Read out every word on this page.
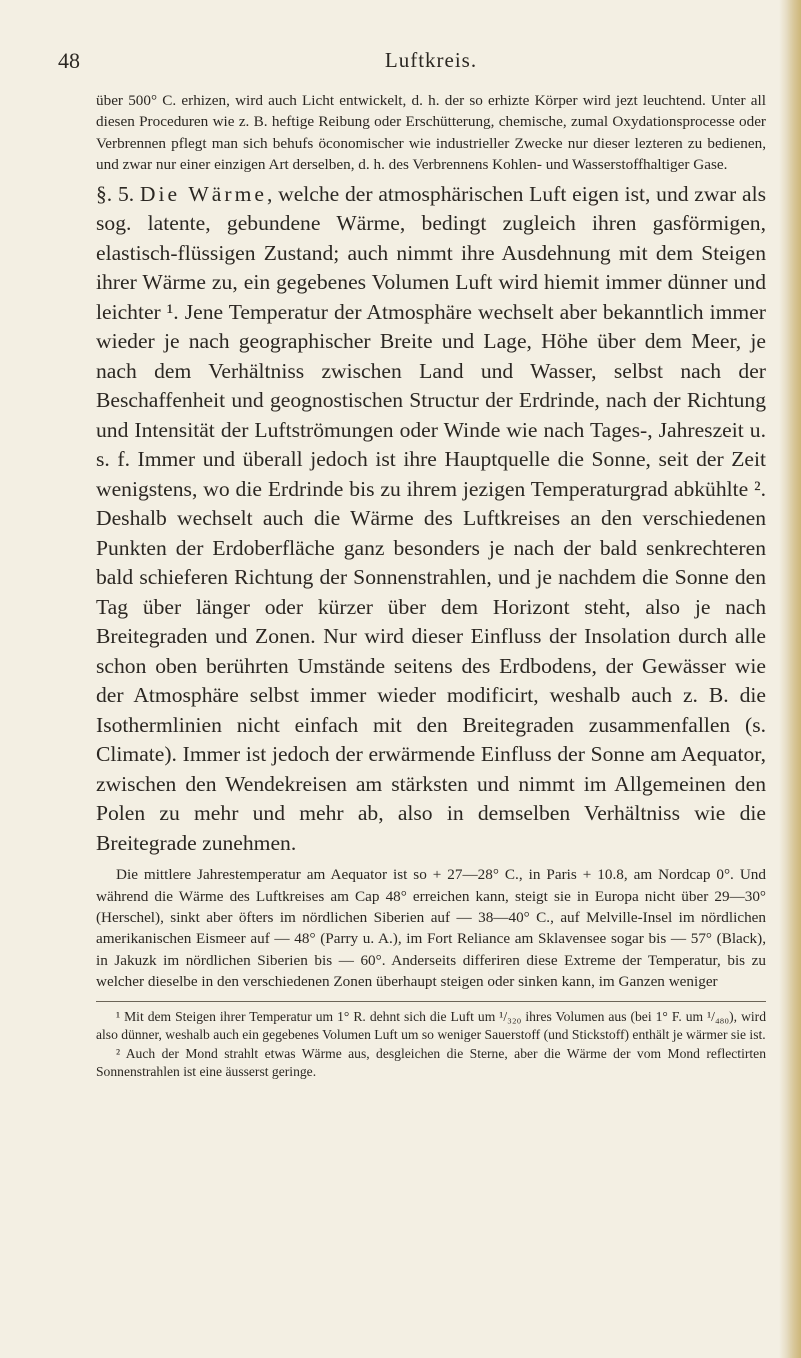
48	Luftkreis.

über 500° C. erhizen, wird auch Licht entwickelt, d. h. der so erhizte Körper wird jezt leuchtend. Unter all diesen Proceduren wie z. B. heftige Reibung oder Erschütterung, chemische, zumal Oxydationsprocesse oder Verbrennen pflegt man sich behufs öconomischer wie industrieller Zwecke nur dieser lezteren zu bedienen, und zwar nur einer einzigen Art derselben, d. h. des Verbrennens Kohlen- und Wasserstoffhaltiger Gase.

§. 5. Die Wärme, welche der atmosphärischen Luft eigen ist, und zwar als sog. latente, gebundene Wärme, bedingt zugleich ihren gasförmigen, elastisch-flüssigen Zustand; auch nimmt ihre Ausdehnung mit dem Steigen ihrer Wärme zu, ein gegebenes Volumen Luft wird hiemit immer dünner und leichter ¹. Jene Temperatur der Atmosphäre wechselt aber bekanntlich immer wieder je nach geographischer Breite und Lage, Höhe über dem Meer, je nach dem Verhältniss zwischen Land und Wasser, selbst nach der Beschaffenheit und geognostischen Structur der Erdrinde, nach der Richtung und Intensität der Luftströmungen oder Winde wie nach Tages-, Jahreszeit u. s. f. Immer und überall jedoch ist ihre Hauptquelle die Sonne, seit der Zeit wenigstens, wo die Erdrinde bis zu ihrem jezigen Temperaturgrad abkühlte ². Deshalb wechselt auch die Wärme des Luftkreises an den verschiedenen Punkten der Erdoberfläche ganz besonders je nach der bald senkrechteren bald schieferen Richtung der Sonnenstrahlen, und je nachdem die Sonne den Tag über länger oder kürzer über dem Horizont steht, also je nach Breitegraden und Zonen. Nur wird dieser Einfluss der Insolation durch alle schon oben berührten Umstände seitens des Erdbodens, der Gewässer wie der Atmosphäre selbst immer wieder modificirt, weshalb auch z. B. die Isothermlinien nicht einfach mit den Breitegraden zusammenfallen (s. Climate). Immer ist jedoch der erwärmende Einfluss der Sonne am Aequator, zwischen den Wendekreisen am stärksten und nimmt im Allgemeinen den Polen zu mehr und mehr ab, also in demselben Verhältniss wie die Breitegrade zunehmen.

Die mittlere Jahrestemperatur am Aequator ist so + 27—28° C., in Paris + 10.8, am Nordcap 0°. Und während die Wärme des Luftkreises am Cap 48° erreichen kann, steigt sie in Europa nicht über 29—30° (Herschel), sinkt aber öfters im nördlichen Siberien auf — 38—40° C., auf Melville-Insel im nördlichen amerikanischen Eismeer auf — 48° (Parry u. A.), im Fort Reliance am Sklavensee sogar bis — 57° (Black), in Jakuzk im nördlichen Siberien bis — 60°. Anderseits differiren diese Extreme der Temperatur, bis zu welcher dieselbe in den verschiedenen Zonen überhaupt steigen oder sinken kann, im Ganzen weniger

¹ Mit dem Steigen ihrer Temperatur um 1° R. dehnt sich die Luft um ¹/₃₂₀ ihres Volumen aus (bei 1° F. um ¹/₄₈₀), wird also dünner, weshalb auch ein gegebenes Volumen Luft um so weniger Sauerstoff (und Stickstoff) enthält je wärmer sie ist.

² Auch der Mond strahlt etwas Wärme aus, desgleichen die Sterne, aber die Wärme der vom Mond reflectirten Sonnenstrahlen ist eine äusserst geringe.
